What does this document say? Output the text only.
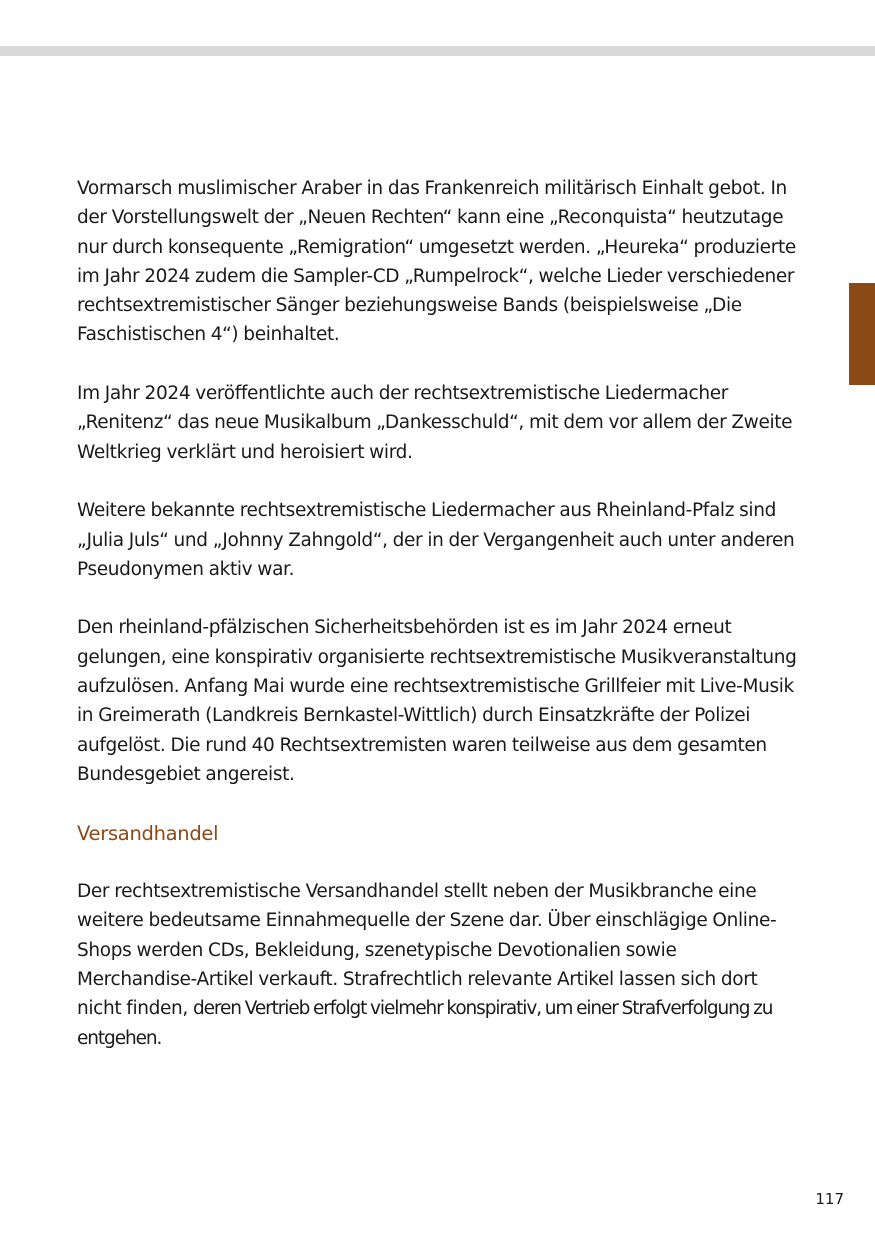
Vormarsch muslimischer Araber in das Frankenreich militärisch Einhalt gebot. In der Vorstellungswelt der „Neuen Rechten“ kann eine „Reconquista“ heutzutage nur durch konsequente „Remigration“ umgesetzt werden. „Heureka“ produzierte im Jahr 2024 zudem die Sampler-CD „Rumpelrock“, welche Lieder verschiedener rechtsextremistischer Sänger beziehungsweise Bands (beispielsweise „Die Faschistischen 4“) beinhaltet.

Im Jahr 2024 veröffentlichte auch der rechtsextremistische Liedermacher „Renitenz“ das neue Musikalbum „Dankesschuld“, mit dem vor allem der Zweite Weltkrieg verklärt und heroisiert wird.

Weitere bekannte rechtsextremistische Liedermacher aus Rheinland-Pfalz sind „Julia Juls“ und „Johnny Zahngold“, der in der Vergangenheit auch unter anderen Pseudonymen aktiv war.

Den rheinland-pfälzischen Sicherheitsbehörden ist es im Jahr 2024 erneut gelungen, eine konspirativ organisierte rechtsextremistische Musikveranstaltung aufzulösen. Anfang Mai wurde eine rechtsextremistische Grillfeier mit Live-Musik in Greimerath (Landkreis Bernkastel-Wittlich) durch Einsatzkräfte der Polizei aufgelöst. Die rund 40 Rechtsextremisten waren teilweise aus dem gesamten Bundesgebiet angereist.

Versandhandel

Der rechtsextremistische Versandhandel stellt neben der Musikbranche eine weitere bedeutsame Einnahmequelle der Szene dar. Über einschlägige Online-Shops werden CDs, Bekleidung, szenetypische Devotionalien sowie Merchandise-Artikel verkauft. Strafrechtlich relevante Artikel lassen sich dort nicht finden, deren Vertrieb erfolgt vielmehr konspirativ, um einer Strafverfolgung zu entgehen.

117
